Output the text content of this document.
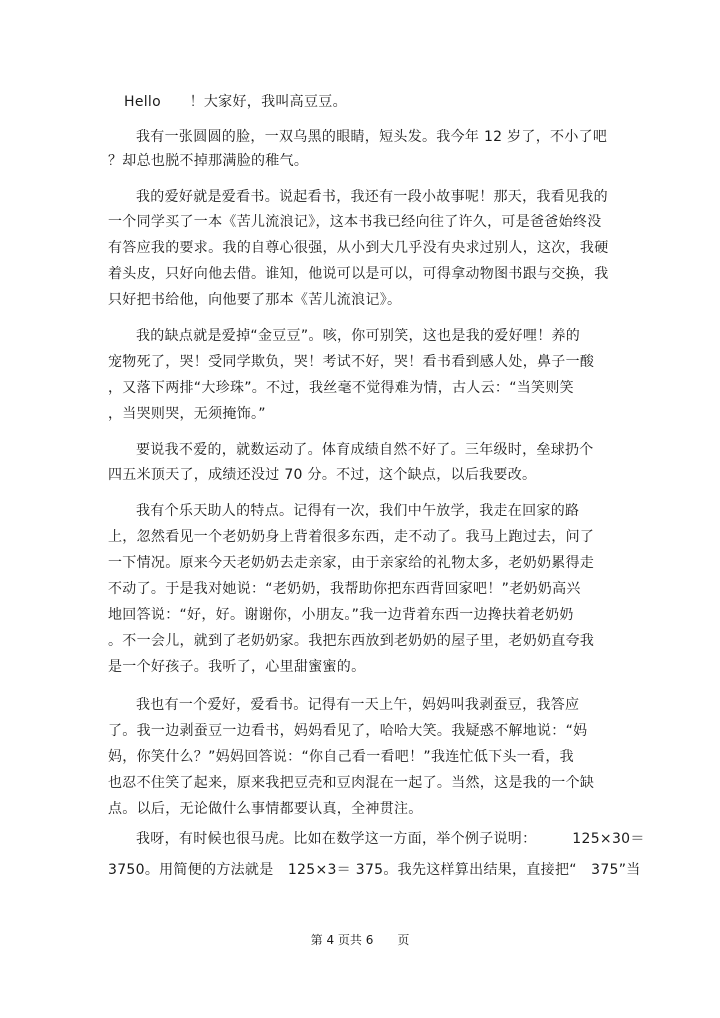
Hello　　！大家好，我叫高豆豆。
我有一张圆圆的脸，一双乌黑的眼睛，短头发。我今年 12 岁了，不小了吧
？却总也脱不掉那满脸的稚气。
我的爱好就是爱看书。说起看书，我还有一段小故事呢！那天，我看见我的
一个同学买了一本《苦儿流浪记》，这本书我已经向往了许久，可是爸爸始终没
有答应我的要求。我的自尊心很强，从小到大几乎没有央求过别人，这次，我硬
着头皮，只好向他去借。谁知，他说可以是可以，可得拿动物图书跟与交换，我
只好把书给他，向他要了那本《苦儿流浪记》。
我的缺点就是爱掉“金豆豆”。咳，你可别笑，这也是我的爱好哩！养的
宠物死了，哭！受同学欺负，哭！考试不好，哭！看书看到感人处，鼻子一酸
，又落下两排“大珍珠”。不过，我丝毫不觉得难为情，古人云：“当笑则笑
，当哭则哭，无须掩饰。”
要说我不爱的，就数运动了。体育成绩自然不好了。三年级时，垒球扔个
四五米顶天了，成绩还没过 70 分。不过，这个缺点，以后我要改。
我有个乐天助人的特点。记得有一次，我们中午放学，我走在回家的路
上，忽然看见一个老奶奶身上背着很多东西，走不动了。我马上跑过去，问了
一下情况。原来今天老奶奶去走亲家，由于亲家给的礼物太多，老奶奶累得走
不动了。于是我对她说：“老奶奶，我帮助你把东西背回家吧！”老奶奶高兴
地回答说：“好，好。谢谢你，小朋友。”我一边背着东西一边搀扶着老奶奶
。不一会儿，就到了老奶奶家。我把东西放到老奶奶的屋子里，老奶奶直夸我
是一个好孩子。我听了，心里甜蜜蜜的。
我也有一个爱好，爱看书。记得有一天上午，妈妈叫我剥蚕豆，我答应
了。我一边剥蚕豆一边看书，妈妈看见了，哈哈大笑。我疑惑不解地说：“妈
妈，你笑什么？”妈妈回答说：“你自己看一看吧！”我连忙低下头一看，我
也忍不住笑了起来，原来我把豆壳和豆肉混在一起了。当然，这是我的一个缺
点。以后，无论做什么事情都要认真，全神贯注。
我呀，有时候也很马虎。比如在数学这一方面，举个例子说明：　　　125×30＝
3750。用简便的方法就是　125×3＝ 375。我先这样算出结果，直接把“　375”当
第 4 页共 6　　页
